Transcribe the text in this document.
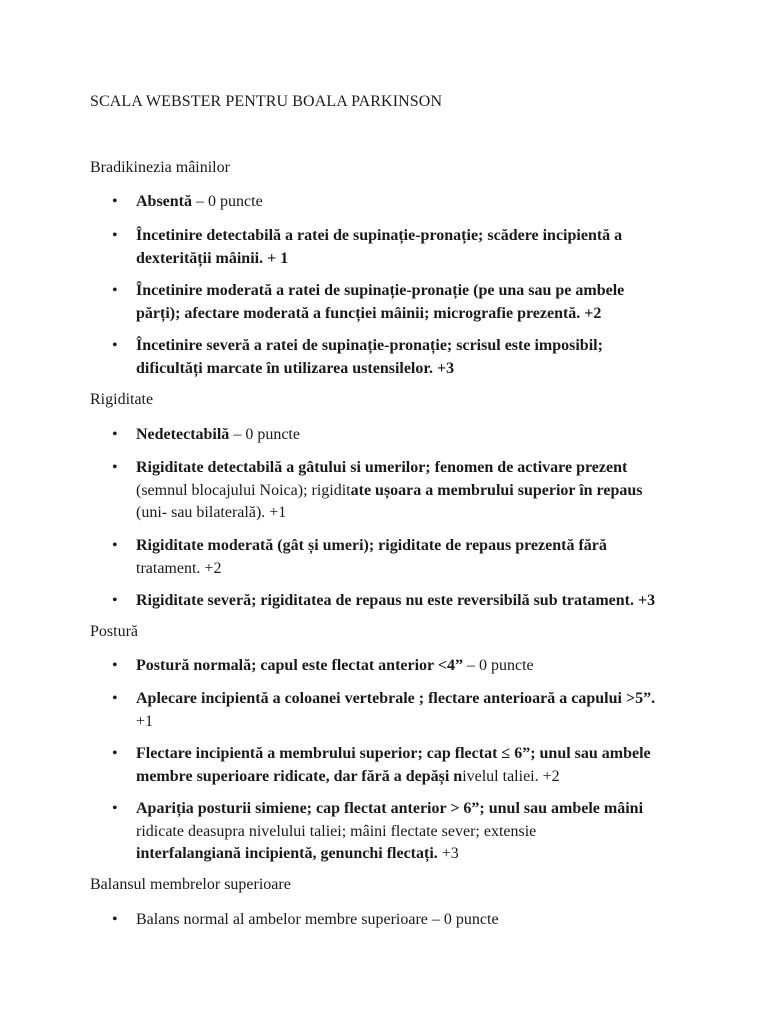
SCALA WEBSTER PENTRU BOALA PARKINSON
Bradikinezia mâinilor
• Absentă – 0 puncte
• Încetinire detectabilă a ratei de supinație-pronație; scădere incipientă a
dexterității mâinii. + 1
• Încetinire moderată a ratei de supinație-pronație (pe una sau pe ambele
părți); afectare moderată a funcției mâinii; micrografie prezentă. +2
• Încetinire severă a ratei de supinație-pronație; scrisul este imposibil;
dificultăți marcate în utilizarea ustensilelor. +3
Rigiditate
• Nedetectabilă – 0 puncte
• Rigiditate detectabilă a gâtului si umerilor; fenomen de activare prezent
(semnul blocajului Noica); rigiditate ușoara a membrului superior în repaus
(uni- sau bilaterală). +1
• Rigiditate moderată (gât și umeri); rigiditate de repaus prezentă fără
tratament. +2
• Rigiditate severă; rigiditatea de repaus nu este reversibilă sub tratament. +3
Postură
• Postură normală; capul este flectat anterior <4” – 0 puncte
• Aplecare incipientă a coloanei vertebrale ; flectare anterioară a capului >5”.
+1
• Flectare incipientă a membrului superior; cap flectat ≤ 6”; unul sau ambele
membre superioare ridicate, dar fără a depăși nivelul taliei. +2
• Apariția posturii simiene; cap flectat anterior > 6”; unul sau ambele mâini
ridicate deasupra nivelului taliei; mâini flectate sever; extensie
interfalangiană incipientă, genunchi flectați. +3
Balansul membrelor superioare
• Balans normal al ambelor membre superioare – 0 puncte
